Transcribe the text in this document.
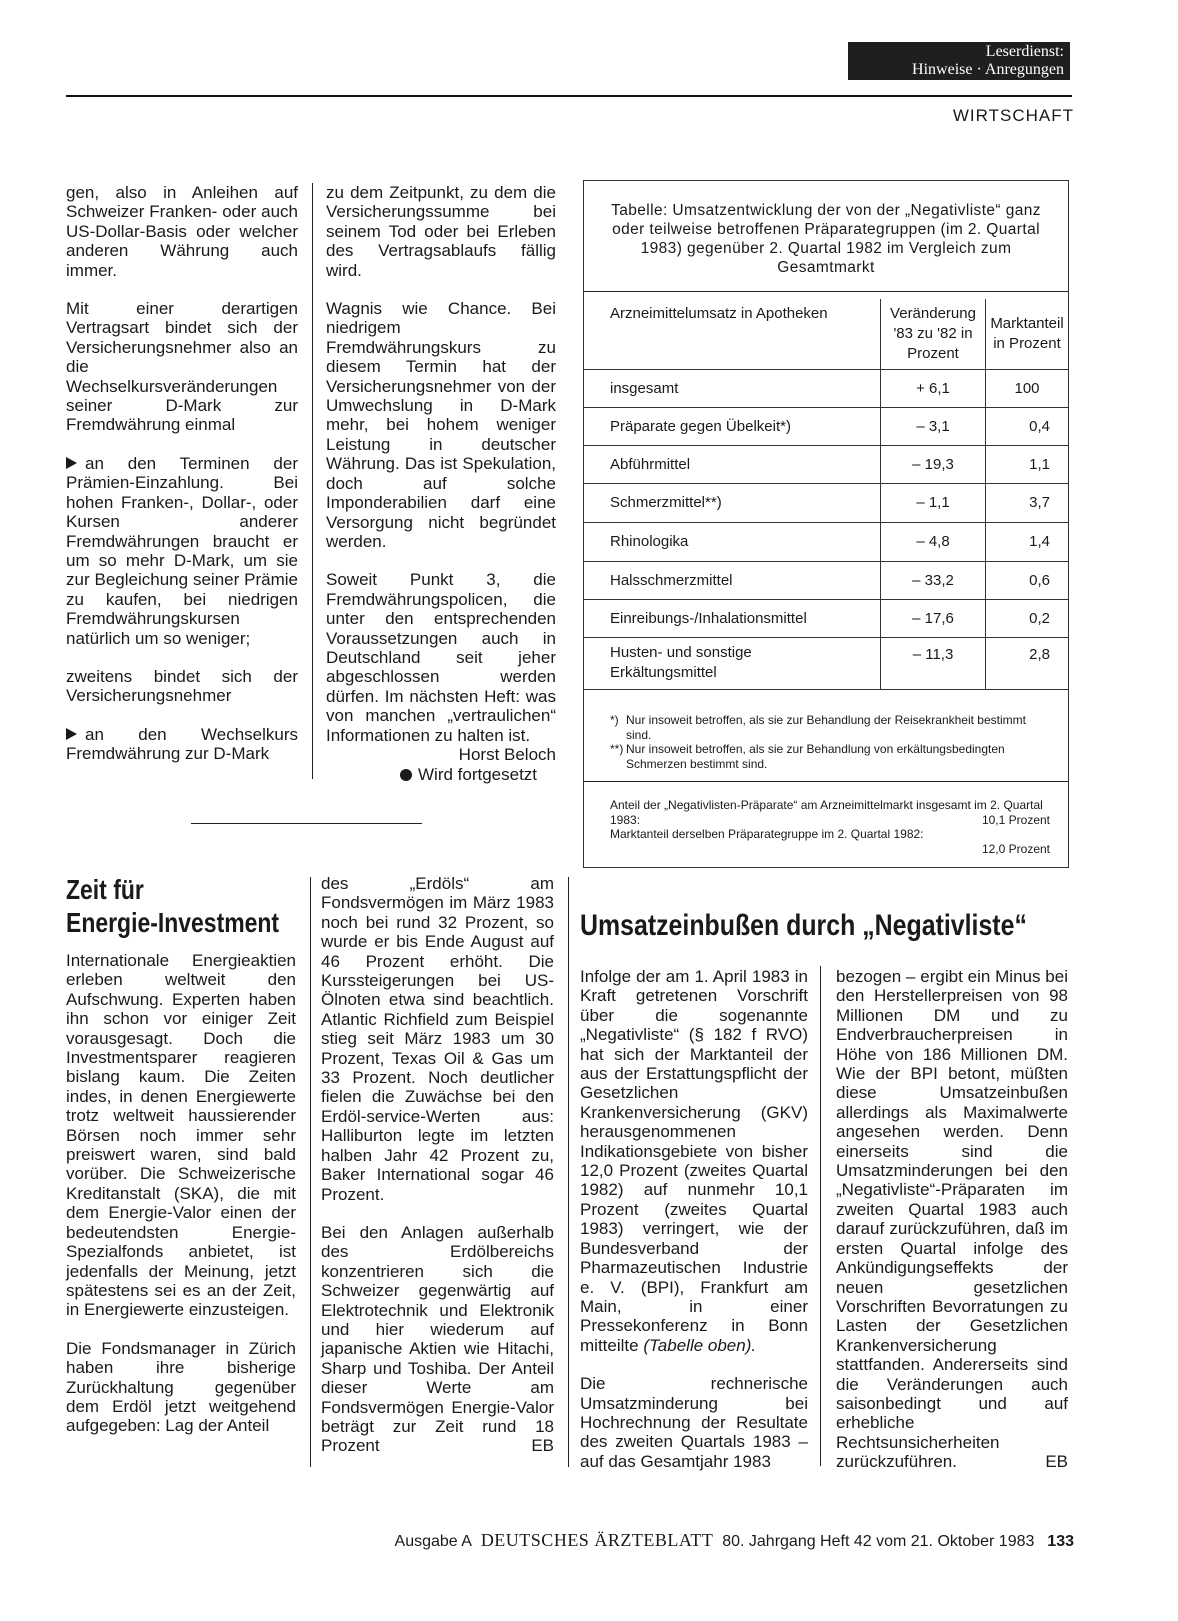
Leserdienst:
Hinweise · Anregungen
WIRTSCHAFT

gen, also in Anleihen auf Schweizer Franken- oder auch US-Dollar-Basis oder welcher anderen Währung auch immer.

Mit einer derartigen Vertragsart bindet sich der Versicherungsnehmer also an die Wechselkursveränderungen seiner D-Mark zur Fremdwährung einmal

an den Terminen der Prämien-Einzahlung. Bei hohen Franken-, Dollar-, oder Kursen anderer Fremdwährungen braucht er um so mehr D-Mark, um sie zur Begleichung seiner Prämie zu kaufen, bei niedrigen Fremdwährungskursen natürlich um so weniger;

zweitens bindet sich der Versicherungsnehmer

an den Wechselkurs Fremdwährung zur D-Mark

zu dem Zeitpunkt, zu dem die Versicherungssumme bei seinem Tod oder bei Erleben des Vertragsablaufs fällig wird.

Wagnis wie Chance. Bei niedrigem Fremdwährungskurs zu diesem Termin hat der Versicherungsnehmer von der Umwechslung in D-Mark mehr, bei hohem weniger Leistung in deutscher Währung. Das ist Spekulation, doch auf solche Imponderabilien darf eine Versorgung nicht begründet werden.

Soweit Punkt 3, die Fremdwährungspolicen, die unter den entsprechenden Voraussetzungen auch in Deutschland seit jeher abgeschlossen werden dürfen. Im nächsten Heft: was von manchen „vertraulichen“ Informationen zu halten ist.
Horst Beloch

Wird fortgesetzt
Tabelle: Umsatzentwicklung der von der „Negativliste“ ganz oder teilweise betroffenen Präparategruppen (im 2. Quartal 1983) gegenüber 2. Quartal 1982 im Vergleich zum Gesamtmarkt
Arzneimittelumsatz in Apotheken	Veränderung '83 zu '82 in Prozent	Marktanteil in Prozent
insgesamt	+ 6,1	100
Präparate gegen Übelkeit*)	– 3,1	0,4
Abführmittel	– 19,3	1,1
Schmerzmittel**)	– 1,1	3,7
Rhinologika	– 4,8	1,4
Halsschmerzmittel	– 33,2	0,6
Einreibungs-/Inhalationsmittel	– 17,6	0,2
Husten- und sonstige Erkältungsmittel	– 11,3	2,8
*) Nur insoweit betroffen, als sie zur Behandlung der Reisekrankheit bestimmt sind.
**) Nur insoweit betroffen, als sie zur Behandlung von erkältungsbedingten Schmerzen bestimmt sind.
Anteil der „Negativlisten-Präparate“ am Arzneimittelmarkt insgesamt im 2. Quartal 1983:	10,1 Prozent
Marktanteil derselben Präparategruppe im 2. Quartal 1982:
12,0 Prozent
Zeit für
Energie-Investment

Internationale Energieaktien erleben weltweit den Aufschwung. Experten haben ihn schon vor einiger Zeit vorausgesagt. Doch die Investmentsparer reagieren bislang kaum. Die Zeiten indes, in denen Energiewerte trotz weltweit haussierender Börsen noch immer sehr preiswert waren, sind bald vorüber. Die Schweizerische Kreditanstalt (SKA), die mit dem Energie-Valor einen der bedeutendsten Energie-Spezialfonds anbietet, ist jedenfalls der Meinung, jetzt spätestens sei es an der Zeit, in Energiewerte einzusteigen.

Die Fondsmanager in Zürich haben ihre bisherige Zurückhaltung gegenüber dem Erdöl jetzt weitgehend aufgegeben: Lag der Anteil

des „Erdöls“ am Fondsvermögen im März 1983 noch bei rund 32 Prozent, so wurde er bis Ende August auf 46 Prozent erhöht. Die Kurssteigerungen bei US-Ölnoten etwa sind beachtlich. Atlantic Richfield zum Beispiel stieg seit März 1983 um 30 Prozent, Texas Oil & Gas um 33 Prozent. Noch deutlicher fielen die Zuwächse bei den Erdöl-service-Werten aus: Halliburton legte im letzten halben Jahr 42 Prozent zu, Baker International sogar 46 Prozent.

Bei den Anlagen außerhalb des Erdölbereichs konzentrieren sich die Schweizer gegenwärtig auf Elektrotechnik und Elektronik und hier wiederum auf japanische Aktien wie Hitachi, Sharp und Toshiba. Der Anteil dieser Werte am Fondsvermögen Energie-Valor beträgt zur Zeit rund 18 Prozent	EB

Umsatzeinbußen durch „Negativliste“

Infolge der am 1. April 1983 in Kraft getretenen Vorschrift über die sogenannte „Negativliste“ (§ 182 f RVO) hat sich der Marktanteil der aus der Erstattungspflicht der Gesetzlichen Krankenversicherung (GKV) herausgenommenen Indikationsgebiete von bisher 12,0 Prozent (zweites Quartal 1982) auf nunmehr 10,1 Prozent (zweites Quartal 1983) verringert, wie der Bundesverband der Pharmazeutischen Industrie e. V. (BPI), Frankfurt am Main, in einer Pressekonferenz in Bonn mitteilte (Tabelle oben).

Die rechnerische Umsatzminderung bei Hochrechnung der Resultate des zweiten Quartals 1983 – auf das Gesamtjahr 1983

bezogen – ergibt ein Minus bei den Herstellerpreisen von 98 Millionen DM und zu Endverbraucherpreisen in Höhe von 186 Millionen DM. Wie der BPI betont, müßten diese Umsatzeinbußen allerdings als Maximalwerte angesehen werden. Denn einerseits sind die Umsatzminderungen bei den „Negativliste“-Präparaten im zweiten Quartal 1983 auch darauf zurückzuführen, daß im ersten Quartal infolge des Ankündigungseffekts der neuen gesetzlichen Vorschriften Bevorratungen zu Lasten der Gesetzlichen Krankenversicherung stattfanden. Andererseits sind die Veränderungen auch saisonbedingt und auf erhebliche Rechtsunsicherheiten zurückzuführen.	EB

Ausgabe A DEUTSCHES ÄRZTEBLATT 80. Jahrgang Heft 42 vom 21. Oktober 1983 133
